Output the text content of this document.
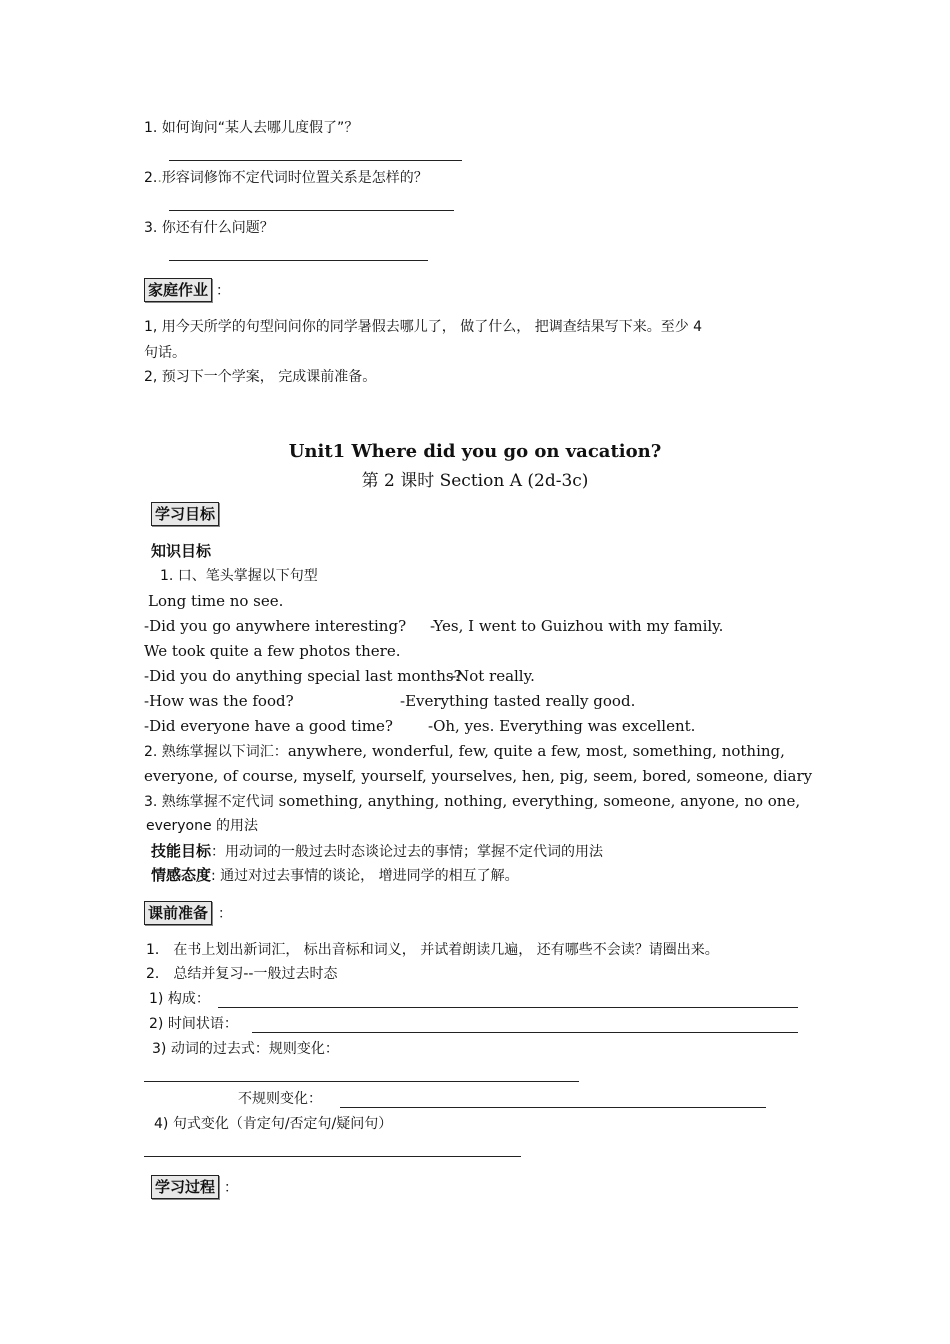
1. 如何询问“某人去哪儿度假了”？
2..形容词修饰不定代词时位置关系是怎样的？
3. 你还有什么问题？
家庭作业 ：
1, 用今天所学的句型问问你的同学暑假去哪儿了， 做了什么， 把调查结果写下来。至少 4
句话。
2, 预习下一个学案， 完成课前准备。
Unit1 Where did you go on vacation?
第 2 课时 Section A (2d-3c)
学习目标
知识目标
1. 口、笔头掌握以下句型
Long time no see.
-Did you go anywhere interesting? -Yes, I went to Guizhou with my family.
We took quite a few photos there.
-Did you do anything special last months?
-Not really.
-How was the food?	-Everything tasted really good.
-Did everyone have a good time? -Oh, yes. Everything was excellent.
2. 熟练掌握以下词汇：anywhere, wonderful, few, quite a few, most, something, nothing,
everyone, of course, myself, yourself, yourselves, hen, pig, seem, bored, someone, diary
3. 熟练掌握不定代词 something, anything, nothing, everything, someone, anyone, no one,
everyone 的用法
技能目标：用动词的一般过去时态谈论过去的事情；掌握不定代词的用法
情感态度: 通过对过去事情的谈论， 增进同学的相互了解。
课前准备 ：
1． 在书上划出新词汇， 标出音标和词义， 并试着朗读几遍， 还有哪些不会读？请圈出来。
2． 总结并复习--一般过去时态
1) 构成：
2) 时间状语：
3) 动词的过去式：规则变化：
不规则变化：
4) 句式变化（肯定句/否定句/疑问句）
学习过程 ：
